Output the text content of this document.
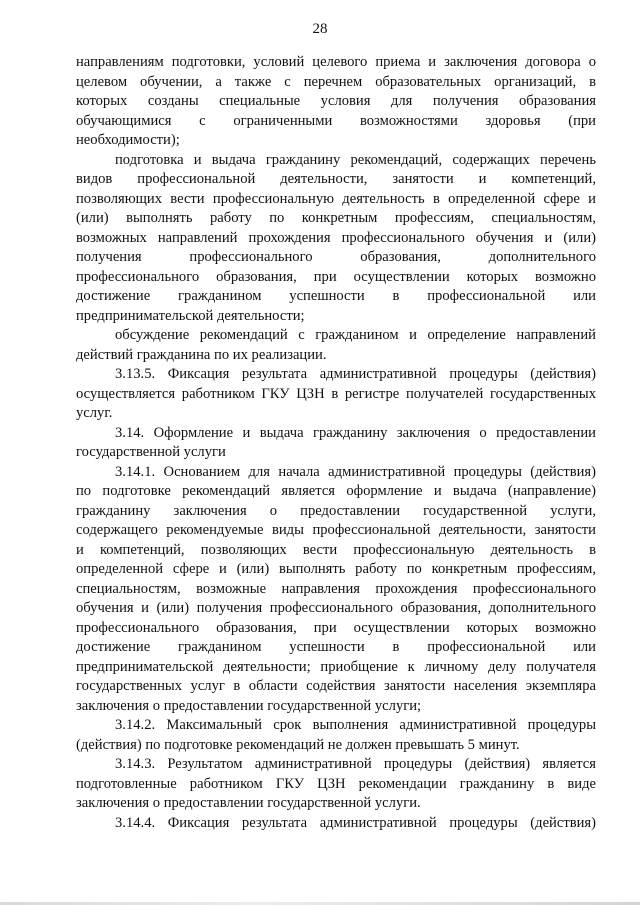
28
направлениям подготовки, условий целевого приема и заключения договора о
целевом обучении, а также с перечнем образовательных организаций, в
которых созданы специальные условия для получения образования
обучающимися с ограниченными возможностями здоровья (при
необходимости);
подготовка и выдача гражданину рекомендаций, содержащих перечень
видов профессиональной деятельности, занятости и компетенций,
позволяющих вести профессиональную деятельность в определенной сфере и
(или) выполнять работу по конкретным профессиям, специальностям,
возможных направлений прохождения профессионального обучения и (или)
получения профессионального образования, дополнительного
профессионального образования, при осуществлении которых возможно
достижение гражданином успешности в профессиональной или
предпринимательской деятельности;
обсуждение рекомендаций с гражданином и определение направлений
действий гражданина по их реализации.
3.13.5. Фиксация результата административной процедуры (действия)
осуществляется работником ГКУ ЦЗН в регистре получателей государственных
услуг.
3.14. Оформление и выдача гражданину заключения о предоставлении
государственной услуги
3.14.1. Основанием для начала административной процедуры (действия)
по подготовке рекомендаций является оформление и выдача (направление)
гражданину заключения о предоставлении государственной услуги,
содержащего рекомендуемые виды профессиональной деятельности, занятости
и компетенций, позволяющих вести профессиональную деятельность в
определенной сфере и (или) выполнять работу по конкретным профессиям,
специальностям, возможные направления прохождения профессионального
обучения и (или) получения профессионального образования, дополнительного
профессионального образования, при осуществлении которых возможно
достижение гражданином успешности в профессиональной или
предпринимательской деятельности; приобщение к личному делу получателя
государственных услуг в области содействия занятости населения экземпляра
заключения о предоставлении государственной услуги;
3.14.2. Максимальный срок выполнения административной процедуры
(действия) по подготовке рекомендаций не должен превышать 5 минут.
3.14.3. Результатом административной процедуры (действия) является
подготовленные работником ГКУ ЦЗН рекомендации гражданину в виде
заключения о предоставлении государственной услуги.
3.14.4. Фиксация результата административной процедуры (действия)
